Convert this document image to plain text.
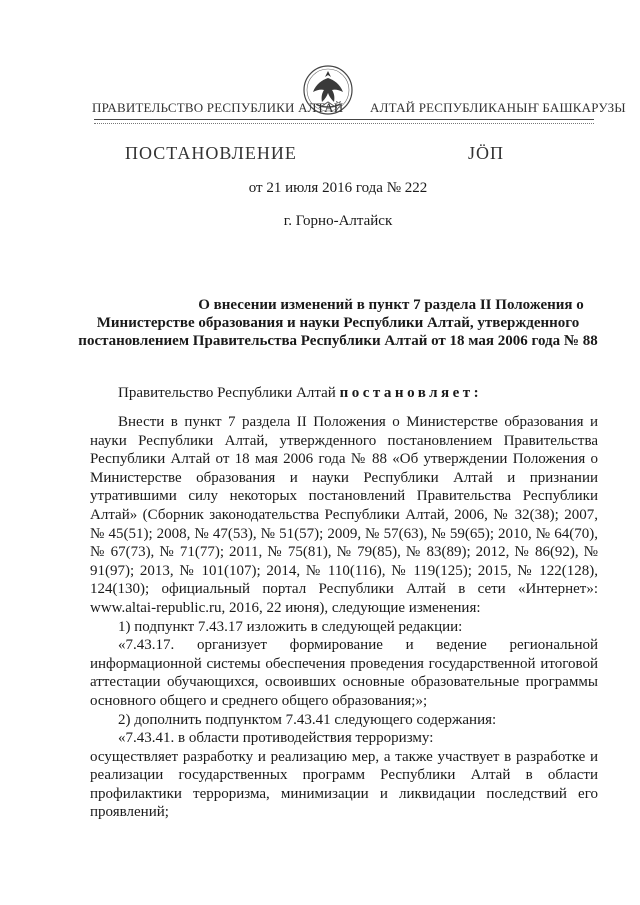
ПРАВИТЕЛЬСТВО РЕСПУБЛИКИ АЛТАЙ АЛТАЙ РЕСПУБЛИКАНЫҤ БАШКАРУЗЫ
ПОСТАНОВЛЕНИЕ	JÖП
от 21 июля 2016 года № 222
г. Горно-Алтайск
О внесении изменений в пункт 7 раздела II Положения о
Министерстве образования и науки Республики Алтай, утвержденного
постановлением Правительства Республики Алтай от 18 мая 2006 года № 88
Правительство Республики Алтай постановляет:

Внести в пункт 7 раздела II Положения о Министерстве образования и науки Республики Алтай, утвержденного постановлением Правительства Республики Алтай от 18 мая 2006 года № 88 «Об утверждении Положения о Министерстве образования и науки Республики Алтай и признании утратившими силу некоторых постановлений Правительства Республики Алтай» (Сборник законодательства Республики Алтай, 2006, № 32(38); 2007, № 45(51); 2008, № 47(53), № 51(57); 2009, № 57(63), № 59(65); 2010, № 64(70), № 67(73), № 71(77); 2011, № 75(81), № 79(85), № 83(89); 2012, № 86(92), № 91(97); 2013, № 101(107); 2014, № 110(116), № 119(125); 2015, № 122(128), 124(130); официальный портал Республики Алтай в сети «Интернет»: www.altai-republic.ru, 2016, 22 июня), следующие изменения:

1) подпункт 7.43.17 изложить в следующей редакции:

«7.43.17. организует формирование и ведение региональной информационной системы обеспечения проведения государственной итоговой аттестации обучающихся, освоивших основные образовательные программы основного общего и среднего общего образования;»;

2) дополнить подпунктом 7.43.41 следующего содержания:

«7.43.41. в области противодействия терроризму:

осуществляет разработку и реализацию мер, а также участвует в разработке и реализации государственных программ Республики Алтай в области профилактики терроризма, минимизации и ликвидации последствий его проявлений;
